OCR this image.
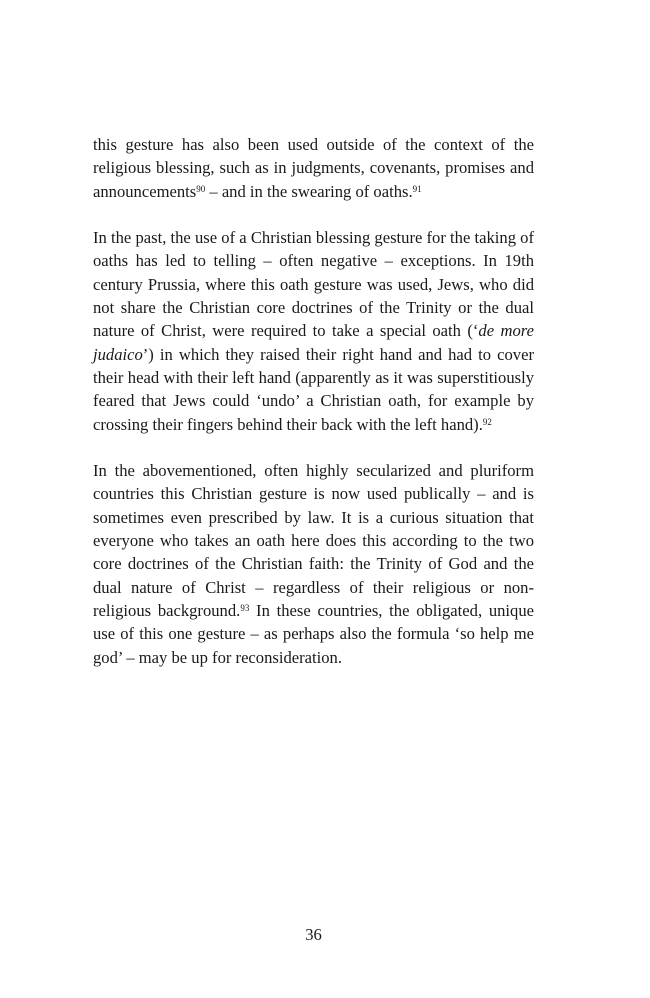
this gesture has also been used outside of the context of the religious blessing, such as in judgments, covenants, promises and announcements$^{90}$ – and in the swearing of oaths.$^{91}$

In the past, the use of a Christian blessing gesture for the taking of oaths has led to telling – often negative – exceptions. In 19th century Prussia, where this oath gesture was used, Jews, who did not share the Christian core doctrines of the Trinity or the dual nature of Christ, were required to take a special oath (‘de more judaico’) in which they raised their right hand and had to cover their head with their left hand (apparently as it was superstitiously feared that Jews could ‘undo’ a Christian oath, for example by crossing their fingers behind their back with the left hand).$^{92}$

In the abovementioned, often highly secularized and pluriform countries this Christian gesture is now used publically – and is sometimes even prescribed by law. It is a curious situation that everyone who takes an oath here does this according to the two core doctrines of the Christian faith: the Trinity of God and the dual nature of Christ – regardless of their religious or non-religious background.$^{93}$ In these countries, the obligated, unique use of this one gesture – as perhaps also the formula ‘so help me god’ – may be up for reconsideration.

36
